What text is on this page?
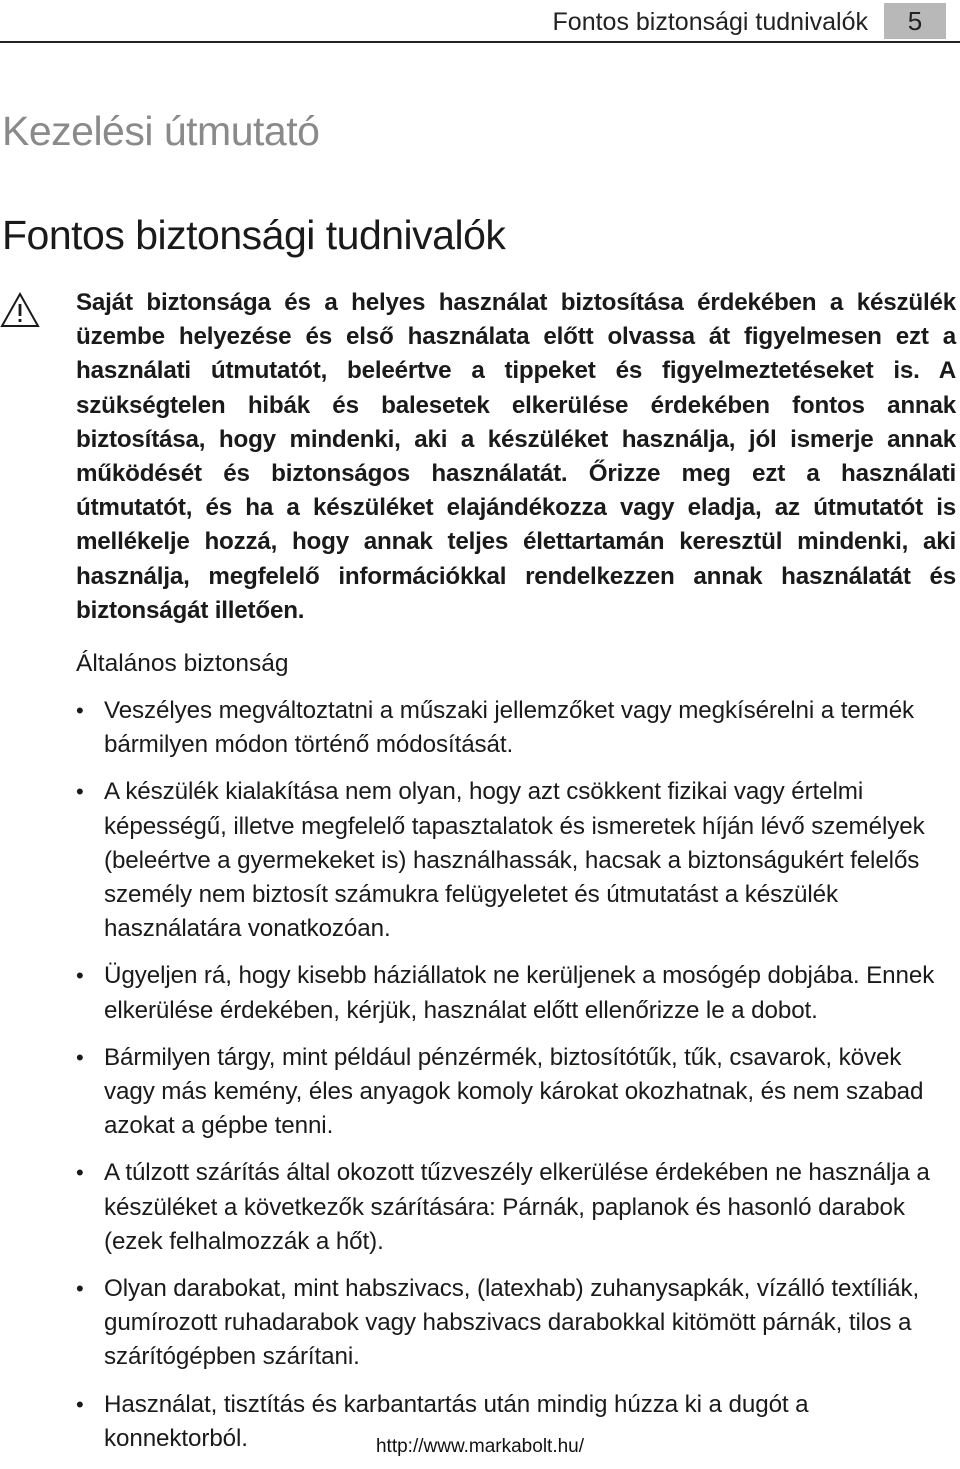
Fontos biztonsági tudnivalók	5
Kezelési útmutató
Fontos biztonsági tudnivalók

Saját biztonsága és a helyes használat biztosítása érdekében a készülék üzembe helyezése és első használata előtt olvassa át figyelmesen ezt a használati útmutatót, beleértve a tippeket és figyelmeztetéseket is. A szükségtelen hibák és balesetek elkerülése érdekében fontos annak biztosítása, hogy mindenki, aki a készüléket használja, jól ismerje annak működését és biztonságos használatát. Őrizze meg ezt a használati útmutatót, és ha a készüléket elajándékozza vagy eladja, az útmutatót is mellékelje hozzá, hogy annak teljes élettartamán keresztül mindenki, aki használja, megfelelő információkkal rendelkezzen annak használatát és biztonságát illetően.

Általános biztonság
• Veszélyes megváltoztatni a műszaki jellemzőket vagy megkísérelni a termék bármilyen módon történő módosítását.
• A készülék kialakítása nem olyan, hogy azt csökkent fizikai vagy értelmi képességű, illetve megfelelő tapasztalatok és ismeretek híján lévő személyek (beleértve a gyermekeket is) használhassák, hacsak a biztonságukért felelős személy nem biztosít számukra felügyeletet és útmutatást a készülék használatára vonatkozóan.
• Ügyeljen rá, hogy kisebb háziállatok ne kerüljenek a mosógép dobjába. Ennek elkerülése érdekében, kérjük, használat előtt ellenőrizze le a dobot.
• Bármilyen tárgy, mint például pénzérmék, biztosítótűk, tűk, csavarok, kövek vagy más kemény, éles anyagok komoly károkat okozhatnak, és nem szabad azokat a gépbe tenni.
• A túlzott szárítás által okozott tűzveszély elkerülése érdekében ne használja a készüléket a következők szárítására: Párnák, paplanok és hasonló darabok (ezek felhalmozzák a hőt).
• Olyan darabokat, mint habszivacs, (latexhab) zuhanysapkák, vízálló textíliák, gumírozott ruhadarabok vagy habszivacs darabokkal kitömött párnák, tilos a szárítógépben szárítani.
• Használat, tisztítás és karbantartás után mindig húzza ki a dugót a konnektorból.	http://www.markabolt.hu/
